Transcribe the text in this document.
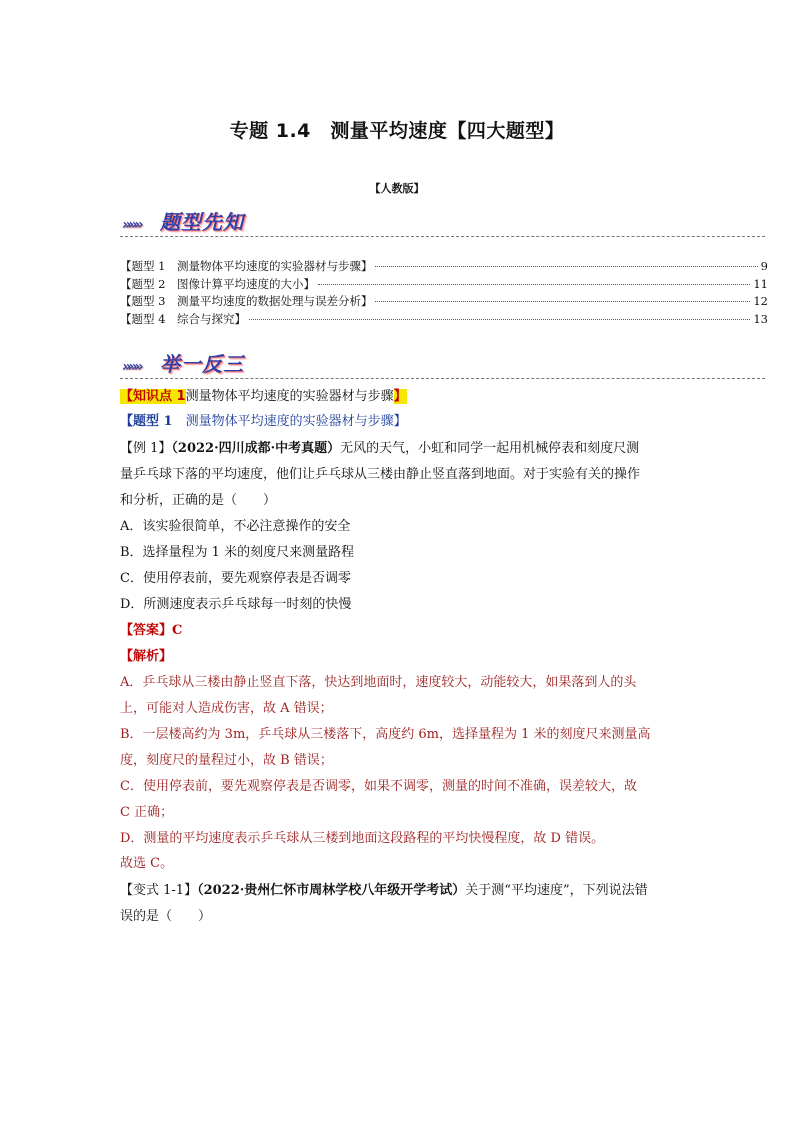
专题 1.4　测量平均速度【四大题型】
【人教版】
»»» 题型先知
【题型 1　测量物体平均速度的实验器材与步骤】	9
【题型 2　图像计算平均速度的大小】	11
【题型 3　测量平均速度的数据处理与误差分析】	12
【题型 4　综合与探究】	13
»»» 举一反三
【知识点 1测量物体平均速度的实验器材与步骤】
【题型 1　测量物体平均速度的实验器材与步骤】
【例 1】（2022·四川成都·中考真题）无风的天气，小虹和同学一起用机械停表和刻度尺测
量乒乓球下落的平均速度，他们让乒乓球从三楼由静止竖直落到地面。对于实验有关的操作
和分析，正确的是（　　）
A．该实验很简单，不必注意操作的安全
B．选择量程为 1 米的刻度尺来测量路程
C．使用停表前，要先观察停表是否调零
D．所测速度表示乒乓球每一时刻的快慢
【答案】C
【解析】
A．乒乓球从三楼由静止竖直下落，快达到地面时，速度较大，动能较大，如果落到人的头
上，可能对人造成伤害，故 A 错误；
B．一层楼高约为 3m，乒乓球从三楼落下，高度约 6m，选择量程为 1 米的刻度尺来测量高
度，刻度尺的量程过小，故 B 错误；
C．使用停表前，要先观察停表是否调零，如果不调零，测量的时间不准确，误差较大，故
C 正确；
D．测量的平均速度表示乒乓球从三楼到地面这段路程的平均快慢程度，故 D 错误。
故选 C。
【变式 1-1】（2022·贵州仁怀市周林学校八年级开学考试）关于测“平均速度”，下列说法错
误的是（　　）
